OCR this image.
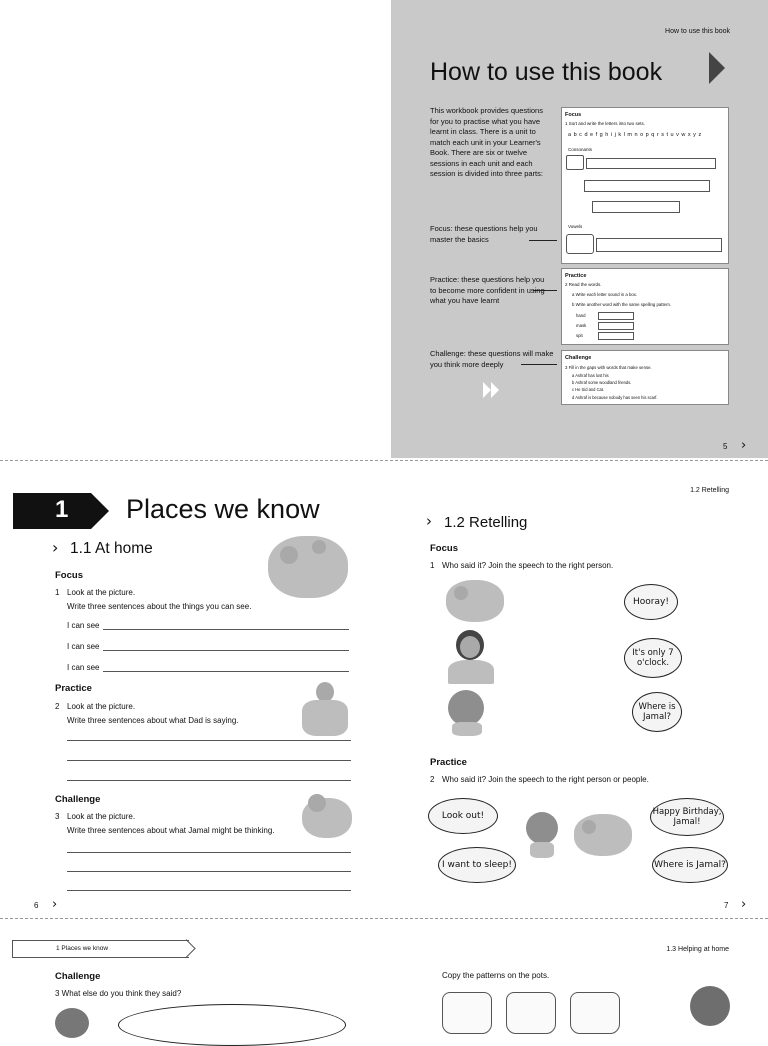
How to use this book
How to use this book
This workbook provides questions for you to practise what you have learnt in class. There is a unit to match each unit in your Learner's Book. There are six or twelve sessions in each unit and each session is divided into three parts:
Focus: these questions help you master the basics
Practice: these questions help you to become more confident in using what you have learnt
Challenge: these questions will make you think more deeply
Focus
1 Sort and write the letters into two sets.
a b c d e f g h i j k l m n o p q r s t u v w x y z
Consonants
Vowels
Practice
2 Read the words.
a Write each letter sound in a box.
b Write another word with the same spelling pattern.
hand
mask
spit
Challenge
3 Fill in the gaps with words that make sense.
a Ashraf has lost his
b Ashraf some woodland friends.
c He Sid and Cat.
d Ashraf is because nobody has seen his scarf.
5 ›
1 Places we know
› 1.1 At home
Focus
1 Look at the picture.
Write three sentences about the things you can see.
I can see
I can see
I can see
Practice
2 Look at the picture.
Write three sentences about what Dad is saying.
Challenge
3 Look at the picture.
Write three sentences about what Jamal might be thinking.
6 ›
1.2 Retelling
› 1.2 Retelling
Focus
1 Who said it? Join the speech to the right person.
Hooray!
It's only 7 o'clock.
Where is Jamal?
Practice
2 Who said it? Join the speech to the right person or people.
Look out!	Happy Birthday, Jamal!
I want to sleep!	Where is Jamal?
7 ›
1 Places we know
Challenge
3 What else do you think they said?
1.3 Helping at home
Copy the patterns on the pots.
